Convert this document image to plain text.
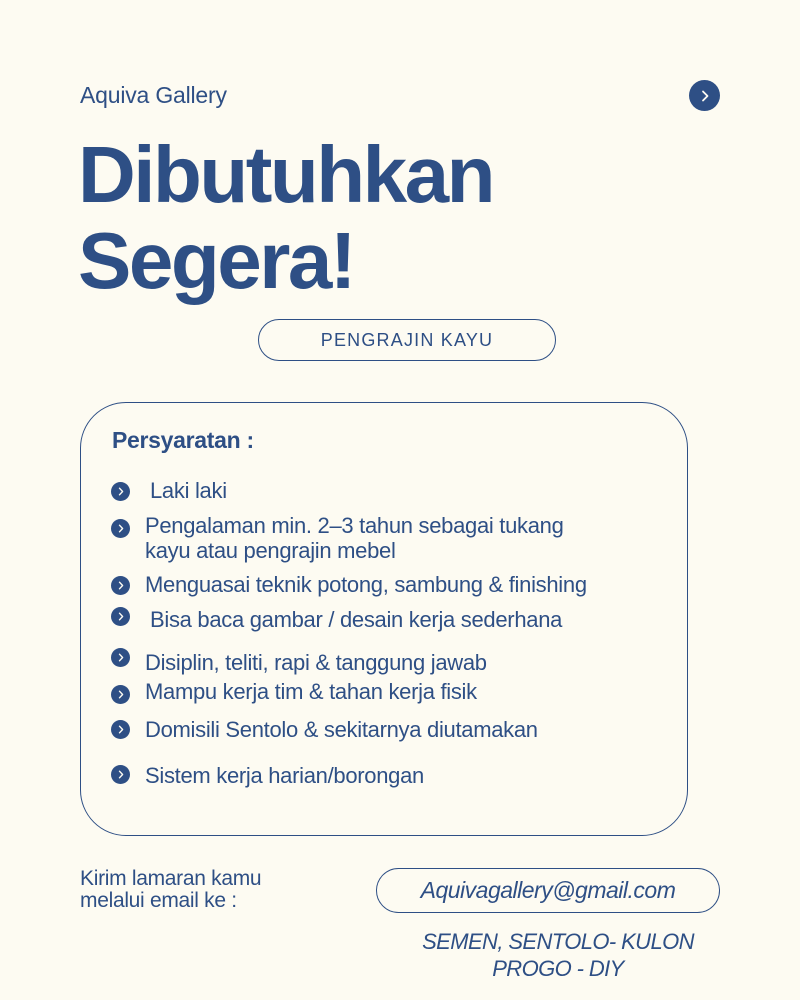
Aquiva Gallery
Dibutuhkan
Segera!
PENGRAJIN KAYU
Persyaratan :
Laki laki
Pengalaman min. 2–3 tahun sebagai tukang
kayu atau pengrajin mebel
Menguasai teknik potong, sambung & finishing
Bisa baca gambar / desain kerja sederhana
Disiplin, teliti, rapi & tanggung jawab
Mampu kerja tim & tahan kerja fisik
Domisili Sentolo & sekitarnya diutamakan
Sistem kerja harian/borongan
Kirim lamaran kamu
melalui email ke :	Aquivagallery@gmail.com
SEMEN, SENTOLO- KULON
PROGO - DIY
